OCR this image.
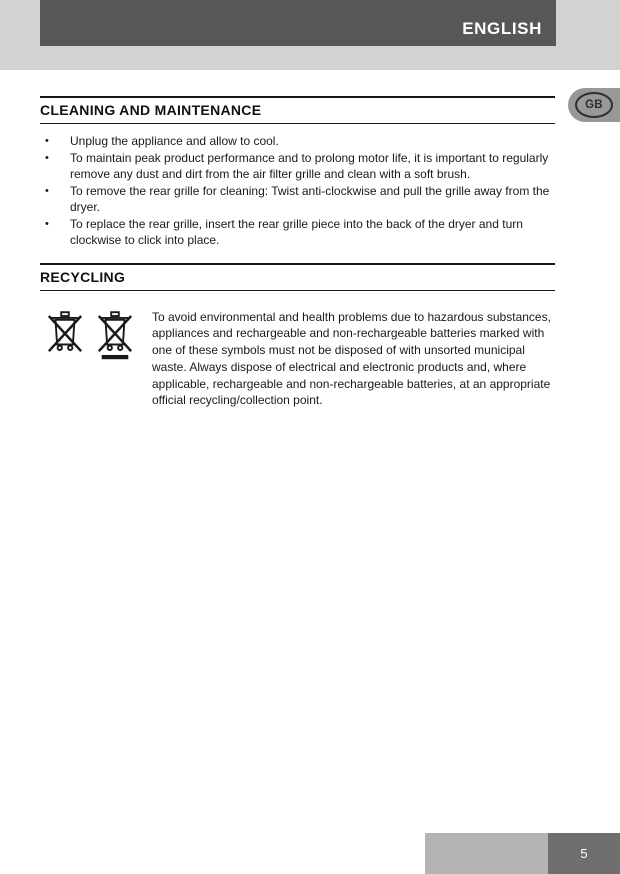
ENGLISH
GB
CLEANING AND MAINTENANCE
•	Unplug the appliance and allow to cool.
•	To maintain peak product performance and to prolong motor life, it is important to regularly remove any dust and dirt from the air filter grille and clean with a soft brush.
•	To remove the rear grille for cleaning: Twist anti-clockwise and pull the grille away from the dryer.
•	To replace the rear grille, insert the rear grille piece into the back of the dryer and turn clockwise to click into place.
RECYCLING
To avoid environmental and health problems due to hazardous substances, appliances and rechargeable and non-rechargeable batteries marked with one of these symbols must not be disposed of with unsorted municipal waste. Always dispose of electrical and electronic products and, where applicable, rechargeable and non-rechargeable batteries, at an appropriate official recycling/collection point.
5
